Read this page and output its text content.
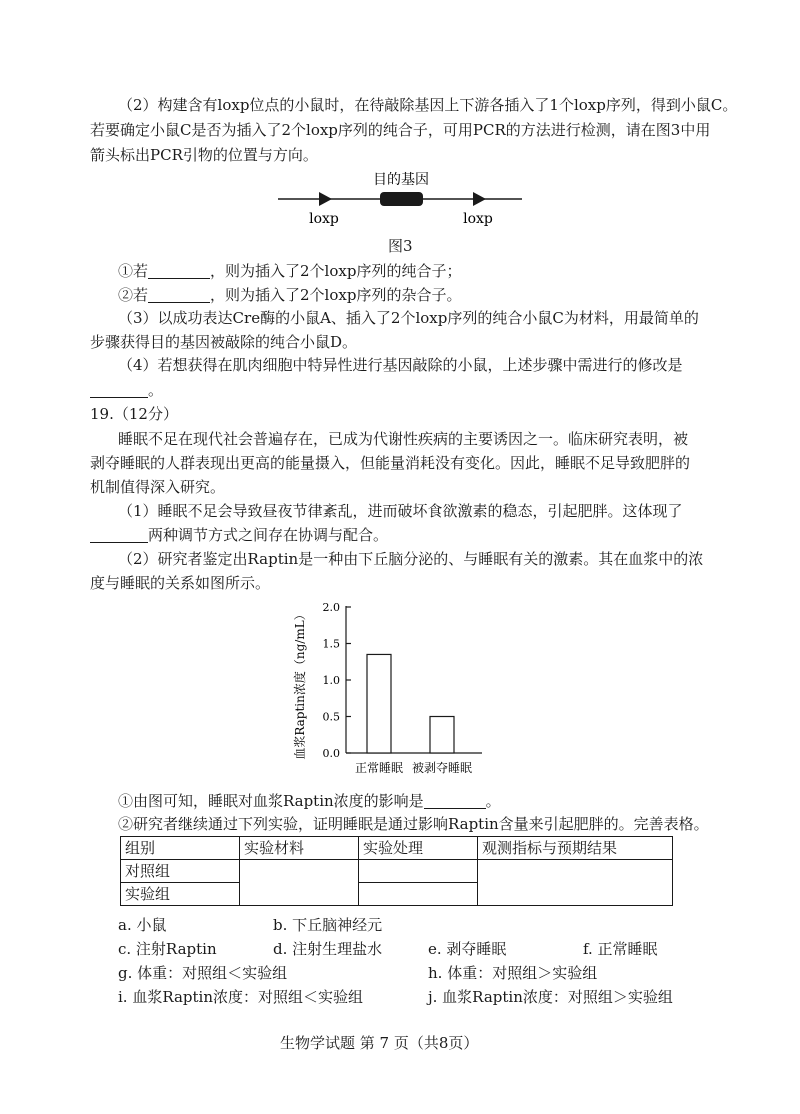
（2）构建含有loxp位点的小鼠时，在待敲除基因上下游各插入了1个loxp序列，得到小鼠C。
若要确定小鼠C是否为插入了2个loxp序列的纯合子，可用PCR的方法进行检测，请在图3中用
箭头标出PCR引物的位置与方向。
目的基因
loxp	loxp
图3
①若	，则为插入了2个loxp序列的纯合子；
②若	，则为插入了2个loxp序列的杂合子。
（3）以成功表达Cre酶的小鼠A、插入了2个loxp序列的纯合小鼠C为材料，用最简单的
步骤获得目的基因被敲除的纯合小鼠D。
（4）若想获得在肌肉细胞中特异性进行基因敲除的小鼠，上述步骤中需进行的修改是
。
19.（12分）
睡眠不足在现代社会普遍存在，已成为代谢性疾病的主要诱因之一。临床研究表明，被
剥夺睡眠的人群表现出更高的能量摄入，但能量消耗没有变化。因此，睡眠不足导致肥胖的
机制值得深入研究。
（1）睡眠不足会导致昼夜节律紊乱，进而破坏食欲激素的稳态，引起肥胖。这体现了
两种调节方式之间存在协调与配合。
（2）研究者鉴定出Raptin是一种由下丘脑分泌的、与睡眠有关的激素。其在血浆中的浓
度与睡眠的关系如图所示。
血浆Raptin浓度（ng/mL） 0.0
0.5
1.0
1.5
2.0
正常睡眠 被剥夺睡眠
①由图可知，睡眠对血浆Raptin浓度的影响是	。
②研究者继续通过下列实验，证明睡眠是通过影响Raptin含量来引起肥胖的。完善表格。
组别	实验材料	实验处理	观测指标与预期结果
对照组			
实验组			
a. 小鼠	b. 下丘脑神经元
c. 注射Raptin	d. 注射生理盐水	e. 剥夺睡眠	f. 正常睡眠
g. 体重：对照组＜实验组	h. 体重：对照组＞实验组
i. 血浆Raptin浓度：对照组＜实验组	j. 血浆Raptin浓度：对照组＞实验组
生物学试题 第 7 页（共8页）
